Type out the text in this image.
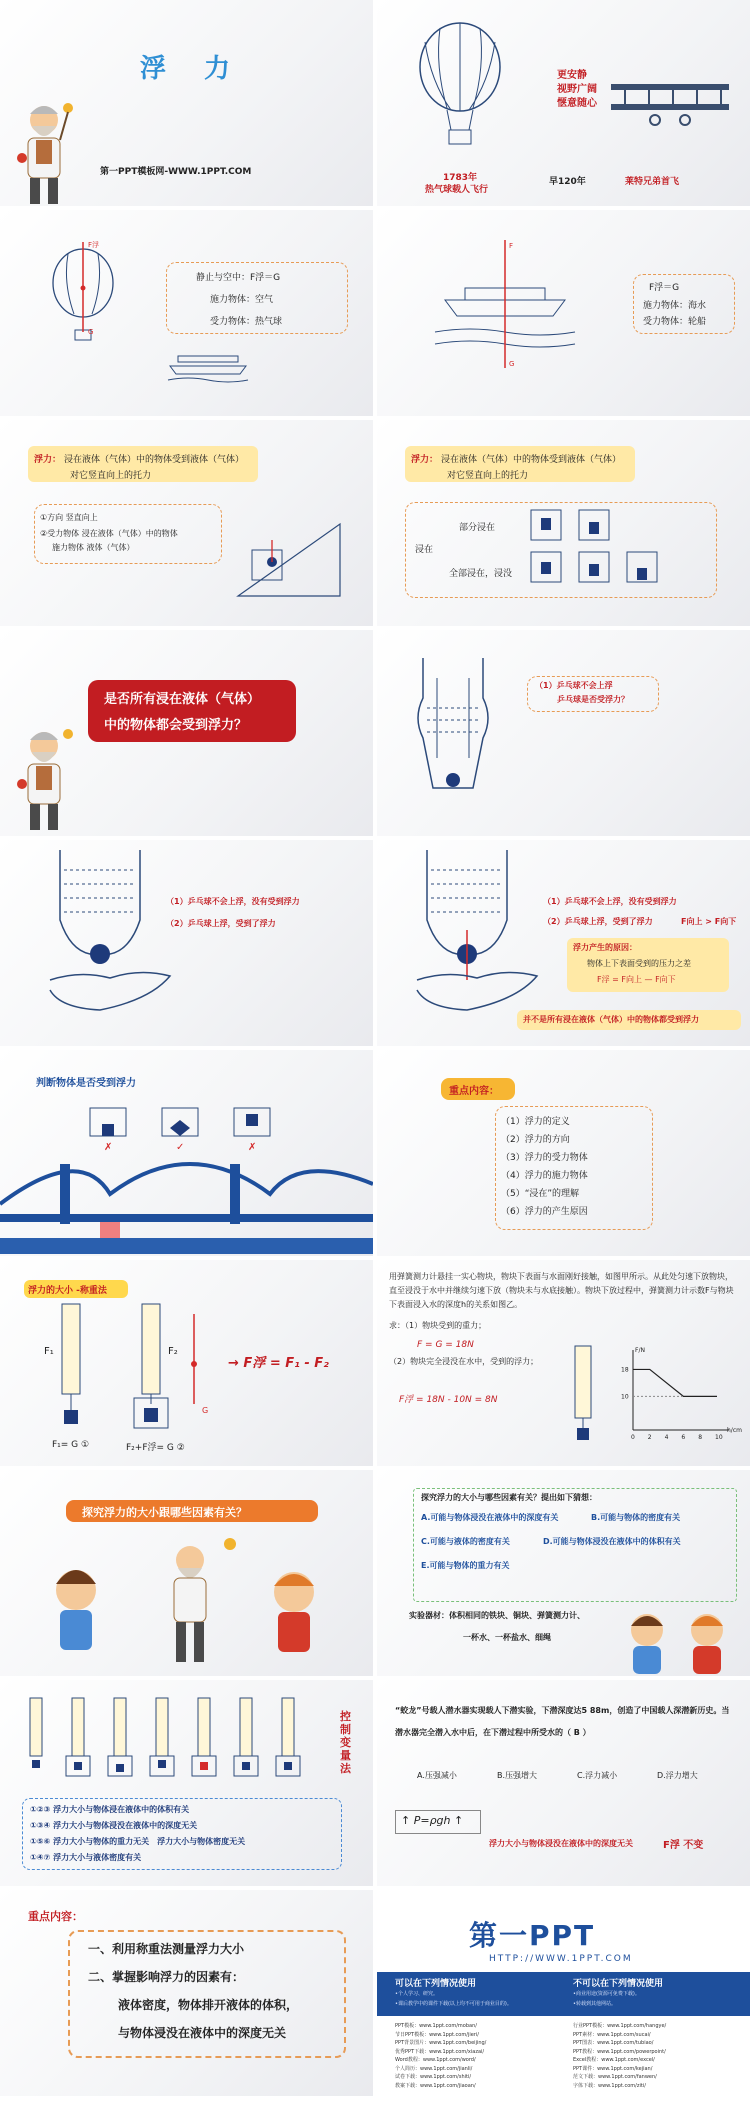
浮　力
第一PPT模板网-WWW.1PPT.COM
更安静
视野广阔
惬意随心
1783年
热气球载人飞行
早120年	莱特兄弟首飞
F浮
G
静止与空中：F浮＝G
施力物体：空气
受力物体：热气球
F
G
F浮＝G
施力物体：海水
受力物体：轮船
浮力： 浸在液体（气体）中的物体受到液体（气体）
对它竖直向上的托力
①方向 竖直向上
②受力物体 浸在液体（气体）中的物体
施力物体 液体（气体）
浮力： 浸在液体（气体）中的物体受到液体（气体）
对它竖直向上的托力
浸在
部分浸在
全部浸在，浸没
是否所有浸在液体（气体）
中的物体都会受到浮力？
（1）乒乓球不会上浮
乒乓球是否受浮力？
（1）乒乓球不会上浮，没有受到浮力
（2）乒乓球上浮，受到了浮力
（1）乒乓球不会上浮，没有受到浮力
（2）乒乓球上浮，受到了浮力	F向上 > F向下
浮力产生的原因：
物体上下表面受到的压力之差
F浮 = F向上 — F向下
并不是所有浸在液体（气体）中的物体都受到浮力
判断物体是否受到浮力
✗	✓	✗
重点内容：
（1）浮力的定义
（2）浮力的方向
（3）浮力的受力物体
（4）浮力的施力物体
（5）“浸在”的理解
（6）浮力的产生原因
浮力的大小 -称重法
F₁	F₂
G
→ F浮 = F₁ - F₂
F₁= G ①	F₂+F浮= G ②
用弹簧测力计悬挂一实心物块，物块下表面与水面刚好接触，如图甲所示。从此处匀速下放物块，直至浸没于水中并继续匀速下放（物块未与水底接触）。物块下放过程中，弹簧测力计示数F与物块下表面浸入水的深度h的关系如图乙。
求：（1）物块受到的重力；
F = G = 18N
（2）物块完全浸没在水中，受到的浮力；
F浮 = 18N - 10N = 8N
F/N
h/cm
18
10
0 2 4 6 8 10
探究浮力的大小跟哪些因素有关？
探究浮力的大小与哪些因素有关？提出如下猜想：
A.可能与物体浸没在液体中的深度有关	B.可能与物体的密度有关
C.可能与液体的密度有关	D.可能与物体浸没在液体中的体积有关
E.可能与物体的重力有关
实验器材：体积相同的铁块、铜块、弹簧测力计、
一杯水、一杯盐水、细绳
控制变量法
①②③ 浮力大小与物体浸在液体中的体积有关
①③④ 浮力大小与物体浸没在液体中的深度无关
①⑤⑥ 浮力大小与物体的重力无关　浮力大小与物体密度无关
①④⑦ 浮力大小与液体密度有关
“蛟龙”号载人潜水器实现载人下潜实验，下潜深度达5 88m，创造了中国载人深潜新历史。当潜水器完全潜入水中后，在下潜过程中所受水的（ B ）
A.压强减小	B.压强增大	C.浮力减小	D.浮力增大
↑ P=ρgh ↑
浮力大小与物体浸没在液体中的深度无关	F浮 不变
重点内容：
一、利用称重法测量浮力大小
二、掌握影响浮力的因素有：
液体密度，物体排开液体的体积，
与物体浸没在液体中的深度无关
第一PPT
HTTP://WWW.1PPT.COM
可以在下列情况使用
•个人学习、研究。
•课后教学中的课件下载(以上均不可用于商业目的)。
不可以在下列情况使用
•商业用途(资源可免费下载)。
•转载到其他网站。
PPT模板：www.1ppt.com/moban/
节日PPT模板：www.1ppt.com/jieri/
PPT背景图片：www.1ppt.com/beijing/
优秀PPT下载：www.1ppt.com/xiazai/
Word教程：www.1ppt.com/word/
个人简历：www.1ppt.com/jianli/
试卷下载：www.1ppt.com/shiti/
教案下载：www.1ppt.com/jiaoan/
行业PPT模板：www.1ppt.com/hangye/
PPT素材：www.1ppt.com/sucai/
PPT图表：www.1ppt.com/tubiao/
PPT教程：www.1ppt.com/powerpoint/
Excel教程：www.1ppt.com/excel/
PPT课件：www.1ppt.com/kejian/
范文下载：www.1ppt.com/fanwen/
字体下载：www.1ppt.com/ziti/
